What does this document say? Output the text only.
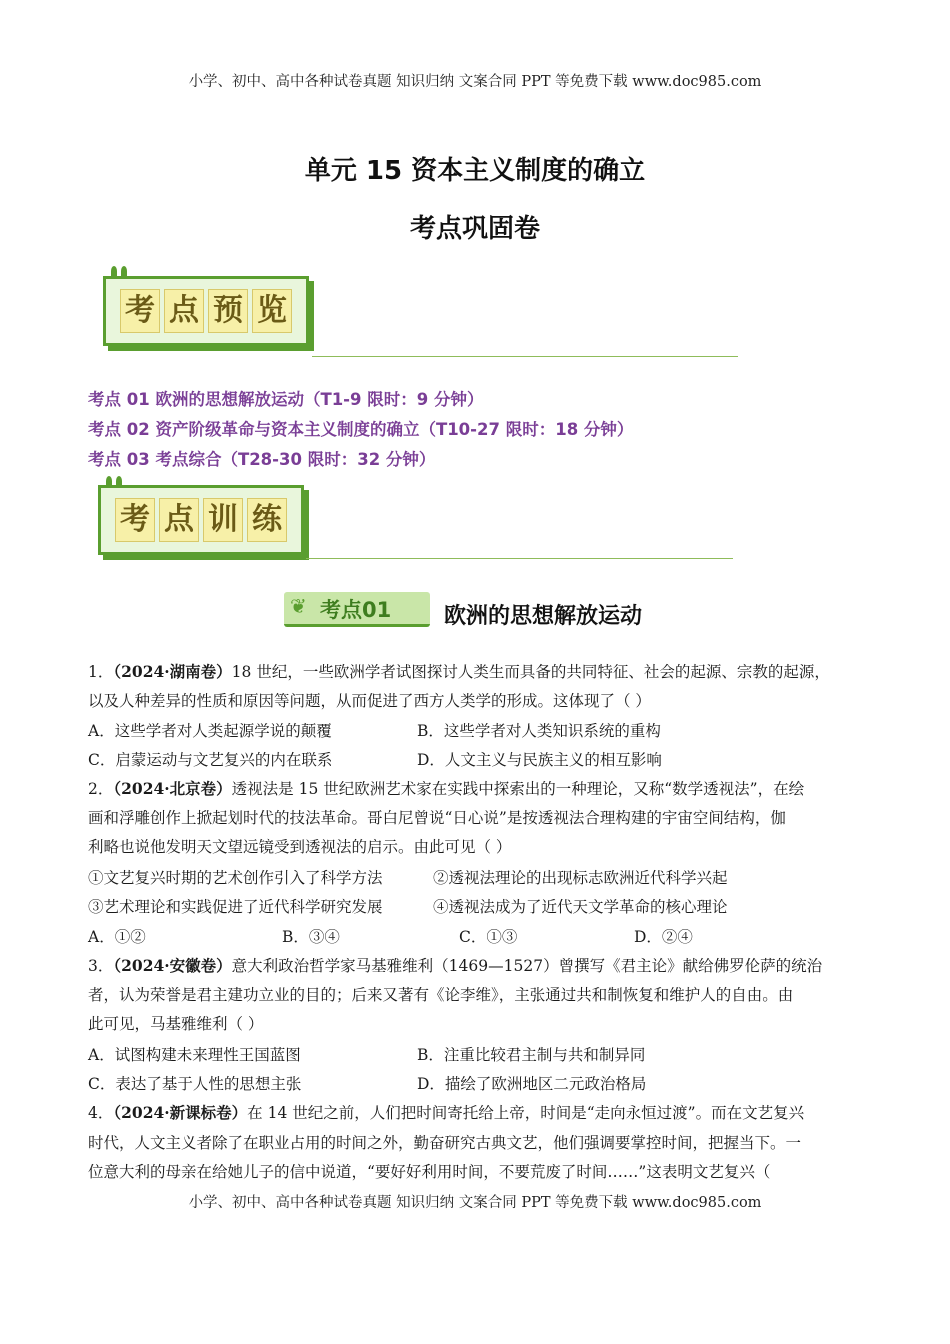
小学、初中、高中各种试卷真题 知识归纳 文案合同 PPT 等免费下载 www.doc985.com
单元 15 资本主义制度的确立
考点巩固卷
考 点 预 览
考点 01 欧洲的思想解放运动（T1-9 限时：9 分钟）
考点 02 资产阶级革命与资本主义制度的确立（T10-27 限时：18 分钟）
考点 03 考点综合（T28-30 限时：32 分钟）
考 点 训 练
❦ 考点01 欧洲的思想解放运动
1．（2024·湖南卷）18 世纪，一些欧洲学者试图探讨人类生而具备的共同特征、社会的起源、宗教的起源，
以及人种差异的性质和原因等问题，从而促进了西方人类学的形成。这体现了（ ）
A．这些学者对人类起源学说的颠覆	B．这些学者对人类知识系统的重构
C．启蒙运动与文艺复兴的内在联系	D．人文主义与民族主义的相互影响
2．（2024·北京卷）透视法是 15 世纪欧洲艺术家在实践中探索出的一种理论，又称“数学透视法”，在绘
画和浮雕创作上掀起划时代的技法革命。哥白尼曾说“日心说”是按透视法合理构建的宇宙空间结构，伽
利略也说他发明天文望远镜受到透视法的启示。由此可见（ ）
①文艺复兴时期的艺术创作引入了科学方法	②透视法理论的出现标志欧洲近代科学兴起
③艺术理论和实践促进了近代科学研究发展	④透视法成为了近代天文学革命的核心理论
A．①②	B．③④	C．①③	D．②④
3．（2024·安徽卷）意大利政治哲学家马基雅维利（1469—1527）曾撰写《君主论》献给佛罗伦萨的统治
者，认为荣誉是君主建功立业的目的；后来又著有《论李维》，主张通过共和制恢复和维护人的自由。由
此可见，马基雅维利（ ）
A．试图构建未来理性王国蓝图	B．注重比较君主制与共和制异同
C．表达了基于人性的思想主张	D．描绘了欧洲地区二元政治格局
4．（2024·新课标卷）在 14 世纪之前，人们把时间寄托给上帝，时间是“走向永恒过渡”。而在文艺复兴
时代，人文主义者除了在职业占用的时间之外，勤奋研究古典文艺，他们强调要掌控时间，把握当下。一
位意大利的母亲在给她儿子的信中说道，“要好好利用时间，不要荒废了时间……”这表明文艺复兴（
小学、初中、高中各种试卷真题 知识归纳 文案合同 PPT 等免费下载 www.doc985.com
